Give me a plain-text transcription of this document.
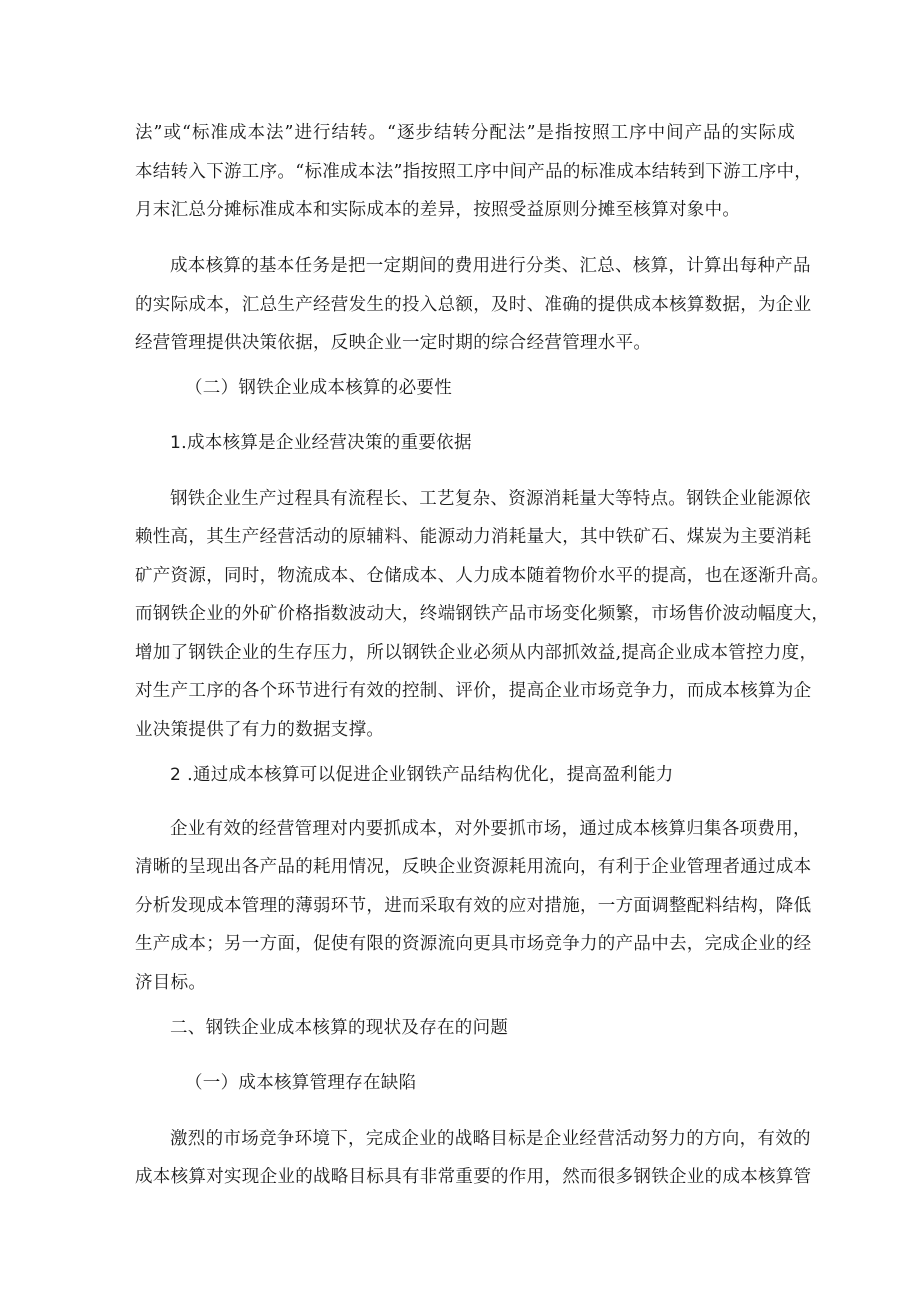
法”或“标准成本法”进行结转。“逐步结转分配法”是指按照工序中间产品的实际成
本结转入下游工序。“标准成本法”指按照工序中间产品的标准成本结转到下游工序中，
月末汇总分摊标准成本和实际成本的差异，按照受益原则分摊至核算对象中。
成本核算的基本任务是把一定期间的费用进行分类、汇总、核算，计算出每种产品
的实际成本，汇总生产经营发生的投入总额，及时、准确的提供成本核算数据，为企业
经营管理提供决策依据，反映企业一定时期的综合经营管理水平。
（二）钢铁企业成本核算的必要性
1.成本核算是企业经营决策的重要依据
钢铁企业生产过程具有流程长、工艺复杂、资源消耗量大等特点。钢铁企业能源依
赖性高，其生产经营活动的原辅料、能源动力消耗量大，其中铁矿石、煤炭为主要消耗
矿产资源，同时，物流成本、仓储成本、人力成本随着物价水平的提高，也在逐渐升高。
而钢铁企业的外矿价格指数波动大，终端钢铁产品市场变化频繁，市场售价波动幅度大，
增加了钢铁企业的生存压力，所以钢铁企业必须从内部抓效益,提高企业成本管控力度，
对生产工序的各个环节进行有效的控制、评价，提高企业市场竞争力，而成本核算为企
业决策提供了有力的数据支撑。
2 .通过成本核算可以促进企业钢铁产品结构优化，提高盈利能力
企业有效的经营管理对内要抓成本，对外要抓市场，通过成本核算归集各项费用，
清晰的呈现出各产品的耗用情况，反映企业资源耗用流向，有利于企业管理者通过成本
分析发现成本管理的薄弱环节，进而采取有效的应对措施，一方面调整配料结构，降低
生产成本；另一方面，促使有限的资源流向更具市场竞争力的产品中去，完成企业的经
济目标。
二、钢铁企业成本核算的现状及存在的问题
（一）成本核算管理存在缺陷
激烈的市场竞争环境下，完成企业的战略目标是企业经营活动努力的方向，有效的
成本核算对实现企业的战略目标具有非常重要的作用，然而很多钢铁企业的成本核算管
